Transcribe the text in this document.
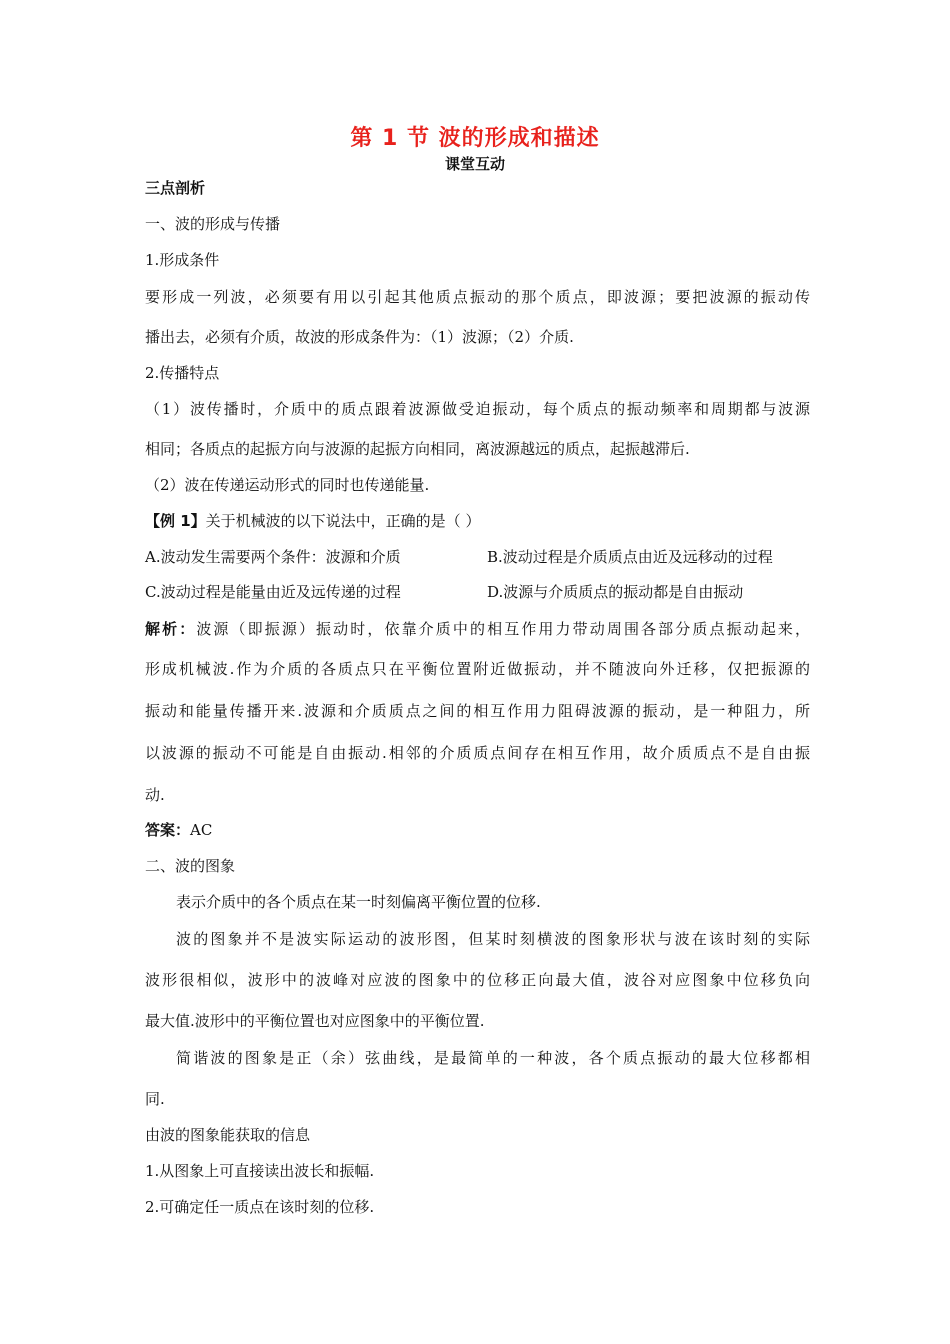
第 1 节 波的形成和描述
课堂互动
三点剖析
一、波的形成与传播
1.形成条件
要形成一列波，必须要有用以引起其他质点振动的那个质点，即波源；要把波源的振动传
播出去，必须有介质，故波的形成条件为：（1）波源；（2）介质.
2.传播特点
（1）波传播时，介质中的质点跟着波源做受迫振动，每个质点的振动频率和周期都与波源
相同；各质点的起振方向与波源的起振方向相同，离波源越远的质点，起振越滞后.
（2）波在传递运动形式的同时也传递能量.
【例 1】关于机械波的以下说法中，正确的是（ ）
A.波动发生需要两个条件：波源和介质	B.波动过程是介质质点由近及远移动的过程
C.波动过程是能量由近及远传递的过程	D.波源与介质质点的振动都是自由振动
解析：波源（即振源）振动时，依靠介质中的相互作用力带动周围各部分质点振动起来，
形成机械波.作为介质的各质点只在平衡位置附近做振动，并不随波向外迁移，仅把振源的
振动和能量传播开来.波源和介质质点之间的相互作用力阻碍波源的振动，是一种阻力，所
以波源的振动不可能是自由振动.相邻的介质质点间存在相互作用，故介质质点不是自由振
动.
答案：AC
二、波的图象
表示介质中的各个质点在某一时刻偏离平衡位置的位移.
波的图象并不是波实际运动的波形图，但某时刻横波的图象形状与波在该时刻的实际
波形很相似，波形中的波峰对应波的图象中的位移正向最大值，波谷对应图象中位移负向
最大值.波形中的平衡位置也对应图象中的平衡位置.
简谐波的图象是正（余）弦曲线，是最简单的一种波，各个质点振动的最大位移都相
同.
由波的图象能获取的信息
1.从图象上可直接读出波长和振幅.
2.可确定任一质点在该时刻的位移.
